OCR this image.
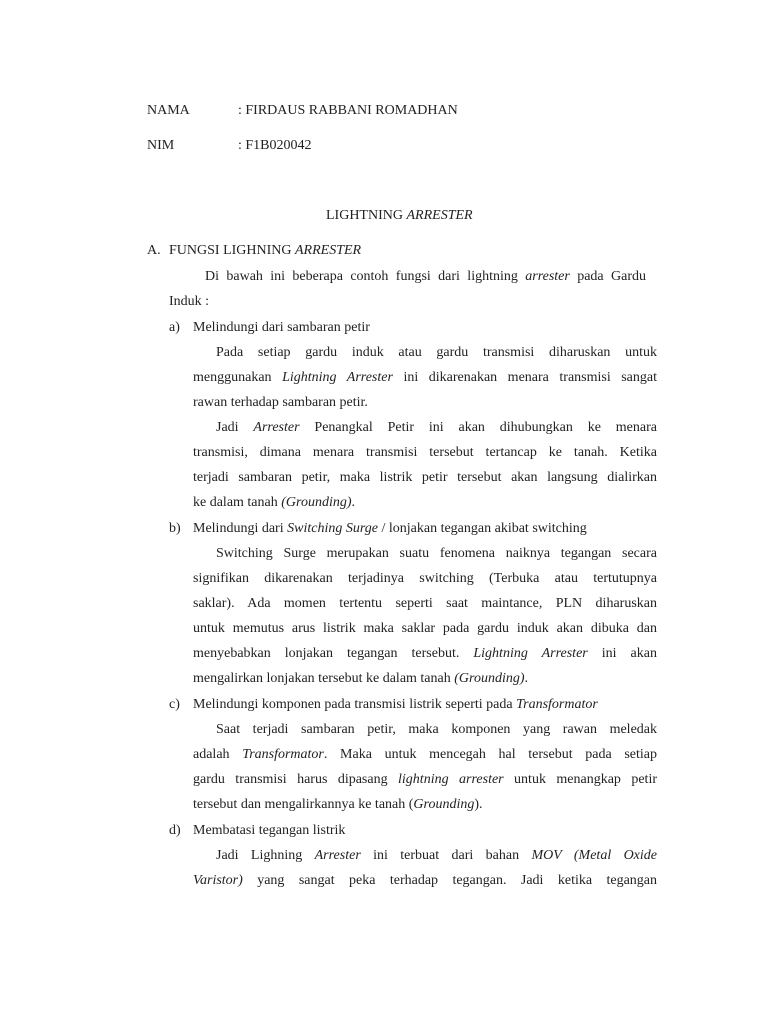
NAMA	: FIRDAUS RABBANI ROMADHAN
NIM	: F1B020042
LIGHTNING ARRESTER
A. FUNGSI LIGHNING ARRESTER
Di bawah ini beberapa contoh fungsi dari lightning arrester pada Gardu
Induk :
a) Melindungi dari sambaran petir
Pada setiap gardu induk atau gardu transmisi diharuskan untuk
menggunakan Lightning Arrester ini dikarenakan menara transmisi sangat
rawan terhadap sambaran petir.
Jadi Arrester Penangkal Petir ini akan dihubungkan ke menara
transmisi, dimana menara transmisi tersebut tertancap ke tanah. Ketika
terjadi sambaran petir, maka listrik petir tersebut akan langsung dialirkan
ke dalam tanah (Grounding).
b) Melindungi dari Switching Surge / lonjakan tegangan akibat switching
Switching Surge merupakan suatu fenomena naiknya tegangan secara
signifikan dikarenakan terjadinya switching (Terbuka atau tertutupnya
saklar). Ada momen tertentu seperti saat maintance, PLN diharuskan
untuk memutus arus listrik maka saklar pada gardu induk akan dibuka dan
menyebabkan lonjakan tegangan tersebut. Lightning Arrester ini akan
mengalirkan lonjakan tersebut ke dalam tanah (Grounding).
c) Melindungi komponen pada transmisi listrik seperti pada Transformator
Saat terjadi sambaran petir, maka komponen yang rawan meledak
adalah Transformator. Maka untuk mencegah hal tersebut pada setiap
gardu transmisi harus dipasang lightning arrester untuk menangkap petir
tersebut dan mengalirkannya ke tanah (Grounding).
d) Membatasi tegangan listrik
Jadi Lighning Arrester ini terbuat dari bahan MOV (Metal Oxide
Varistor) yang sangat peka terhadap tegangan. Jadi ketika tegangan
